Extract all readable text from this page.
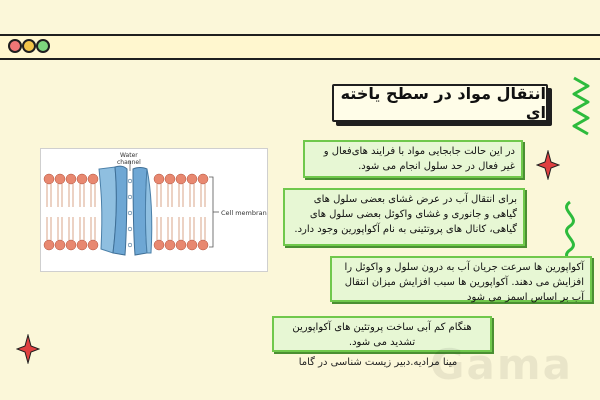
انتقال مواد در سطح یاخته ای
Water
channel
Cell membrane
در این حالت جابجایی مواد با فرایند های‌فعال و غیر فعال در حد سلول انجام می شود.
برای انتقال آب در عرض غشای بعضی سلول های گیاهی و جانوری و غشای واکوئل بعضی سلول های گیاهی، کانال های پروتئینی به نام آکواپورین وجود دارد.
آکواپورین ها سرعت جریان آب به درون سلول و واکوئل را افزایش می دهند. آکواپورین ها سبب افزایش میزان انتقال آب بر اساس اسمز می شود
هنگام کم آبی ساخت پروتئین های آکواپورین تشدید می شود.
مینا مرادیه.دبیر زیست شناسی در گاما
Gama
